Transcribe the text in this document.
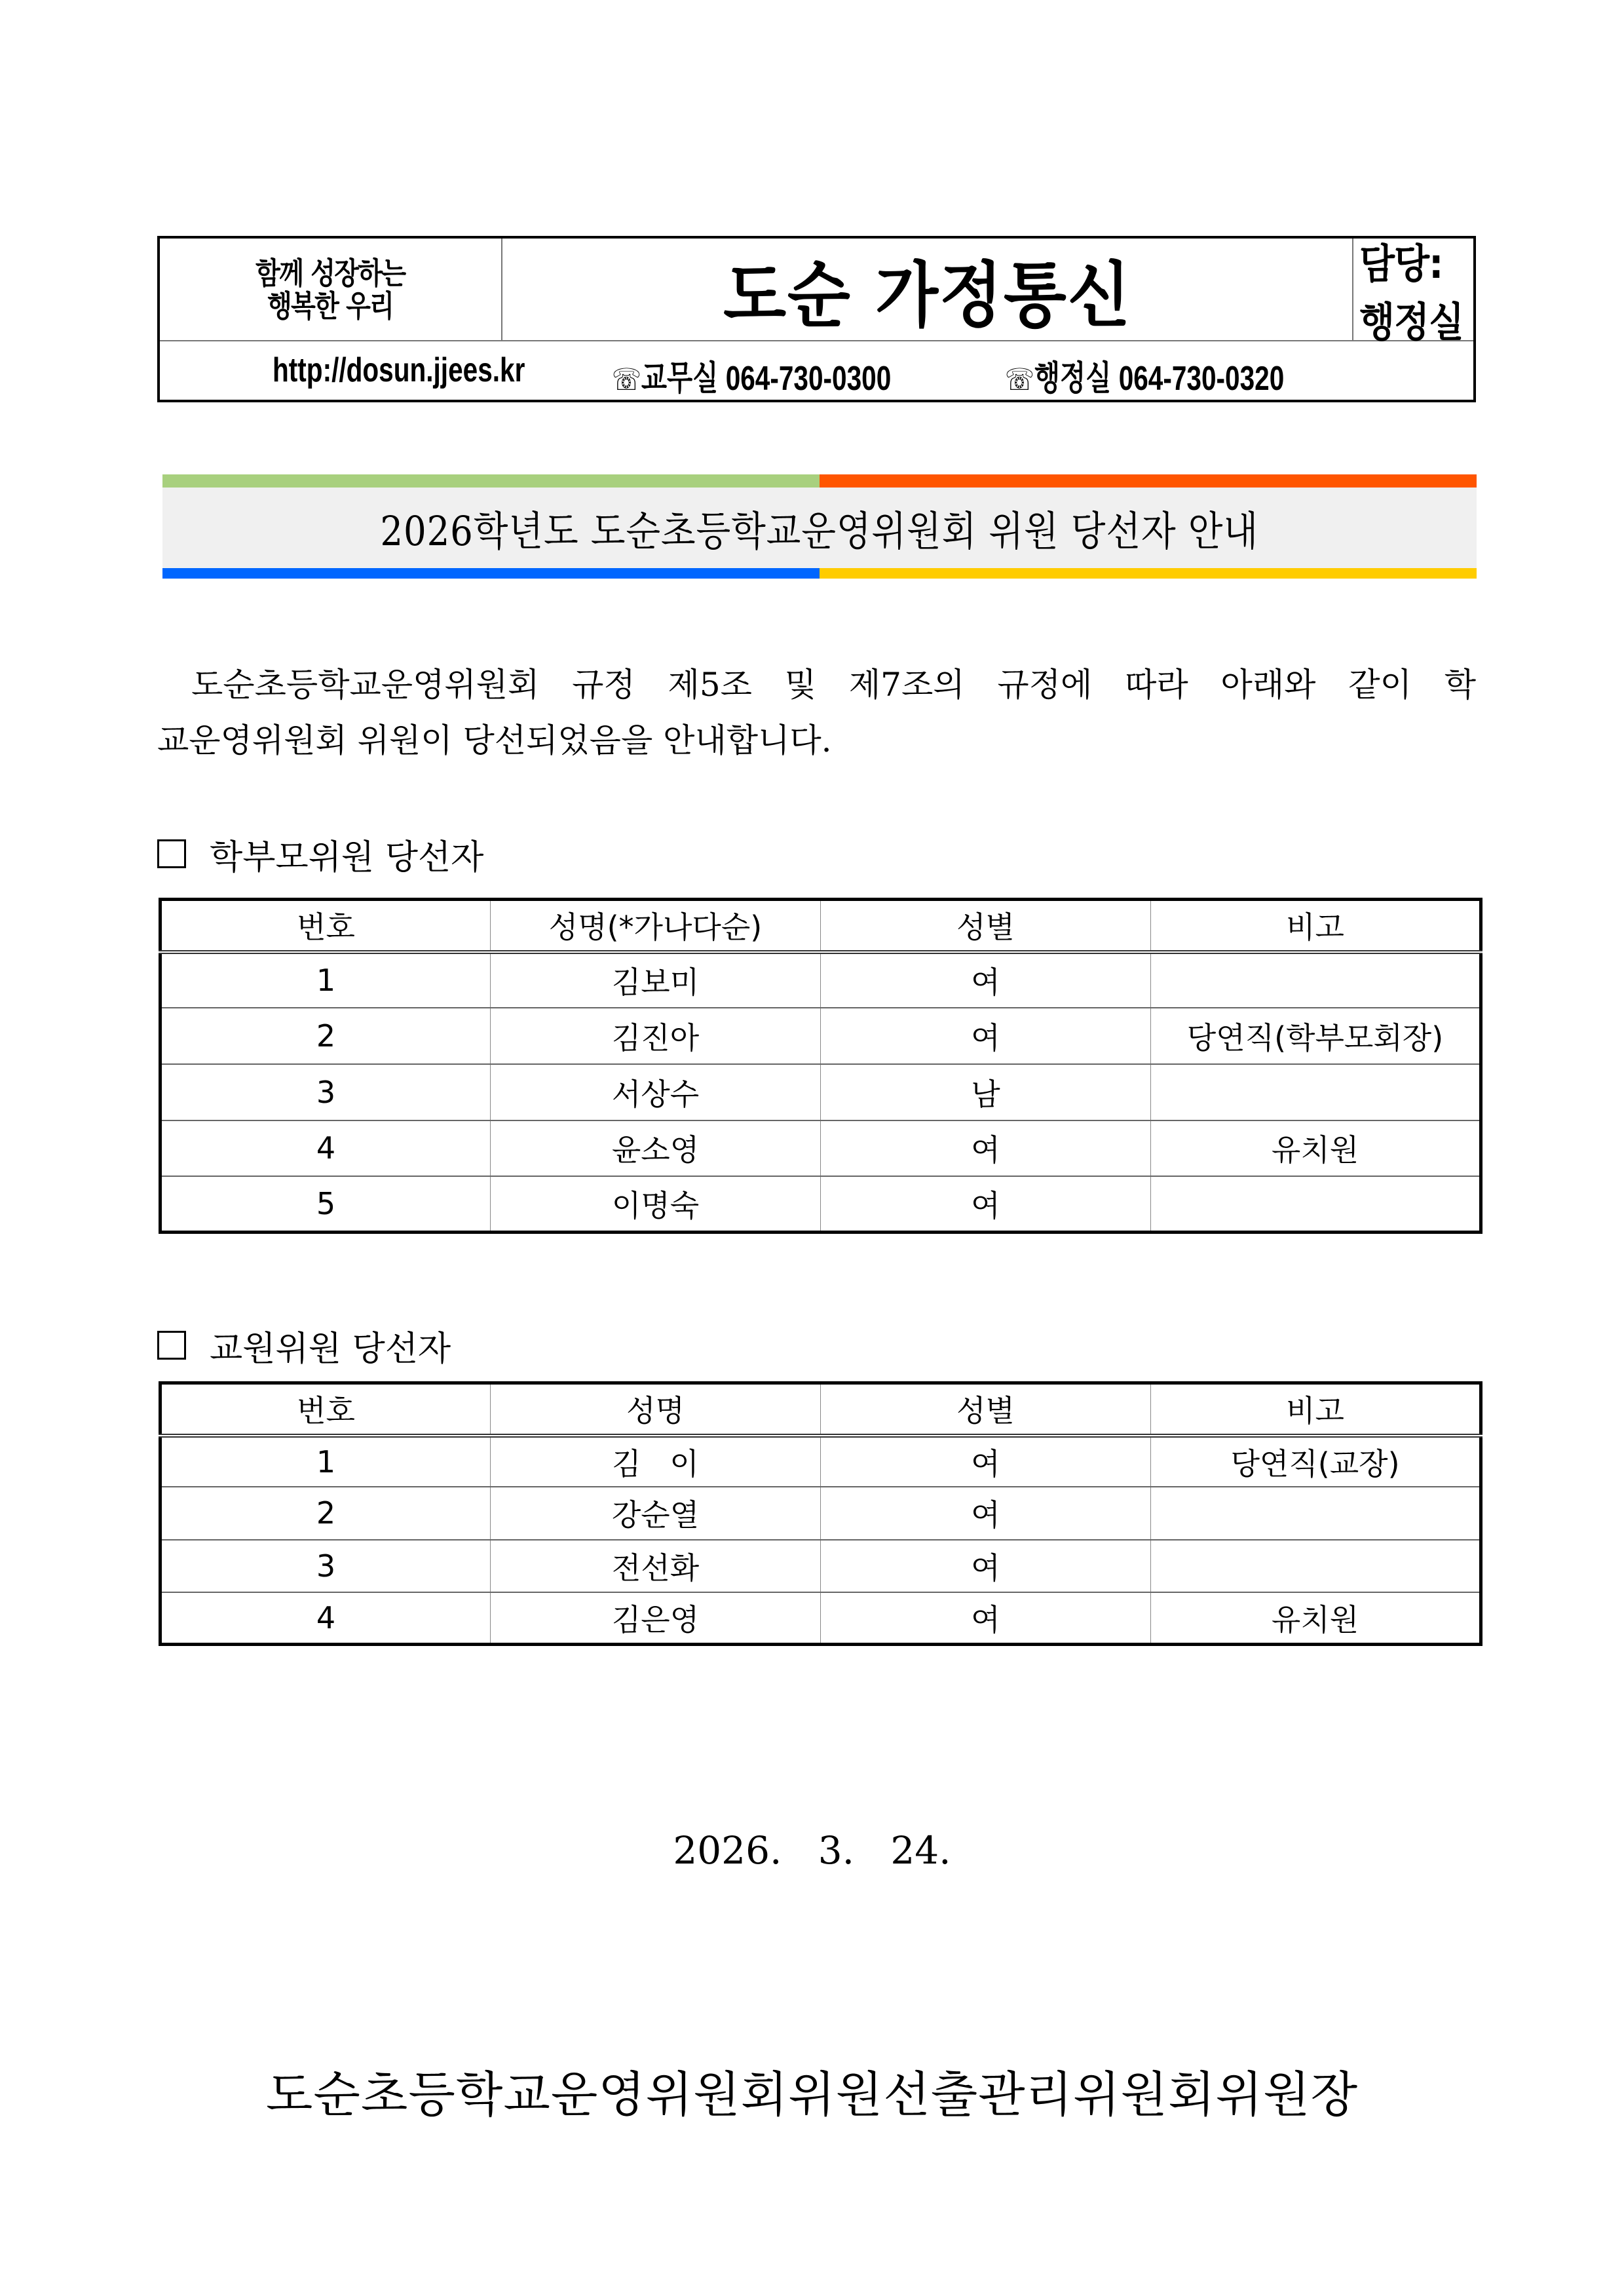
함께 성장하는
행복한 우리	도순 가정통신	담당:행정실
http://dosun.jjees.kr	☏교무실 064-730-0300	☏행정실 064-730-0320
2026학년도 도순초등학교운영위원회 위원 당선자 안내
도순초등학교운영위원회 규정 제5조 및 제7조의 규정에 따라 아래와 같이 학
교운영위원회 위원이 당선되었음을 안내합니다.
학부모위원 당선자
번호	성명(*가나다순)	성별	비고
1	김보미	여	
2	김진아	여	당연직(학부모회장)
3	서상수	남	
4	윤소영	여	유치원
5	이명숙	여	
교원위원 당선자
번호	성명	성별	비고
1	김   이	여	당연직(교장)
2	강순열	여	
3	전선화	여	
4	김은영	여	유치원
2026.   3.   24.
도순초등학교운영위원회위원선출관리위원회위원장
